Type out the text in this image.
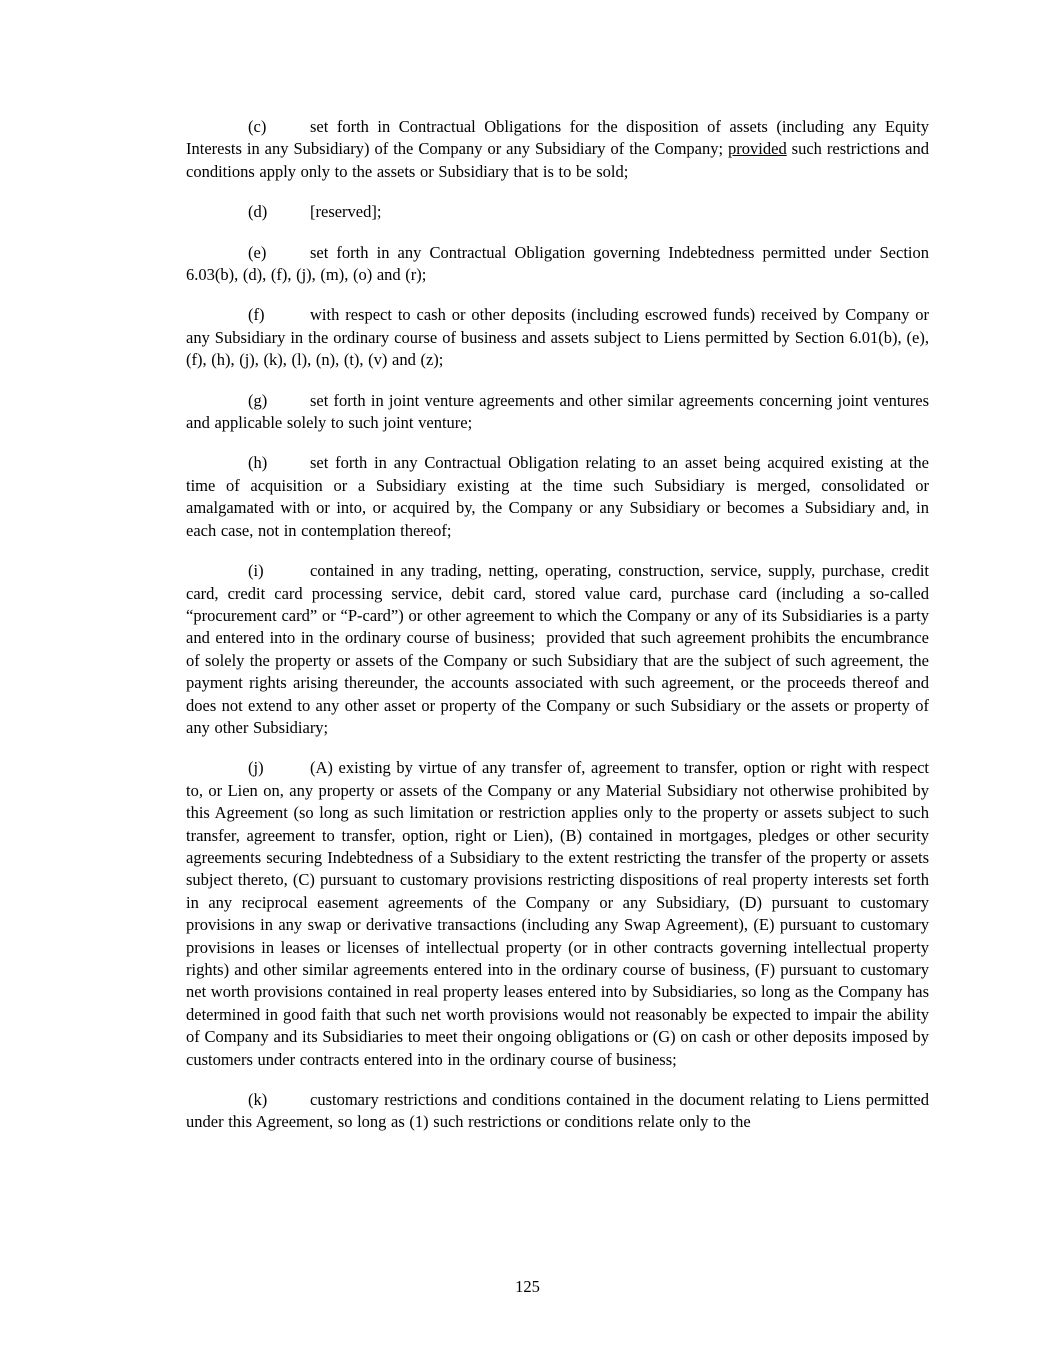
(c)	set forth in Contractual Obligations for the disposition of assets (including any Equity Interests in any Subsidiary) of the Company or any Subsidiary of the Company; provided such restrictions and conditions apply only to the assets or Subsidiary that is to be sold;

(d)	[reserved];

(e)	set forth in any Contractual Obligation governing Indebtedness permitted under Section 6.03(b), (d), (f), (j), (m), (o) and (r);

(f)	with respect to cash or other deposits (including escrowed funds) received by Company or any Subsidiary in the ordinary course of business and assets subject to Liens permitted by Section 6.01(b), (e), (f), (h), (j), (k), (l), (n), (t), (v) and (z);

(g)	set forth in joint venture agreements and other similar agreements concerning joint ventures and applicable solely to such joint venture;

(h)	set forth in any Contractual Obligation relating to an asset being acquired existing at the time of acquisition or a Subsidiary existing at the time such Subsidiary is merged, consolidated or amalgamated with or into, or acquired by, the Company or any Subsidiary or becomes a Subsidiary and, in each case, not in contemplation thereof;

(i)	contained in any trading, netting, operating, construction, service, supply, purchase, credit card, credit card processing service, debit card, stored value card, purchase card (including a so-called “procurement card” or “P-card”) or other agreement to which the Company or any of its Subsidiaries is a party and entered into in the ordinary course of business;  provided that such agreement prohibits the encumbrance of solely the property or assets of the Company or such Subsidiary that are the subject of such agreement, the payment rights arising thereunder, the accounts associated with such agreement, or the proceeds thereof and does not extend to any other asset or property of the Company or such Subsidiary or the assets or property of any other Subsidiary;

(j)	(A) existing by virtue of any transfer of, agreement to transfer, option or right with respect to, or Lien on, any property or assets of the Company or any Material Subsidiary not otherwise prohibited by this Agreement (so long as such limitation or restriction applies only to the property or assets subject to such transfer, agreement to transfer, option, right or Lien), (B) contained in mortgages, pledges or other security agreements securing Indebtedness of a Subsidiary to the extent restricting the transfer of the property or assets subject thereto, (C) pursuant to customary provisions restricting dispositions of real property interests set forth in any reciprocal easement agreements of the Company or any Subsidiary, (D) pursuant to customary provisions in any swap or derivative transactions (including any Swap Agreement), (E) pursuant to customary provisions in leases or licenses of intellectual property (or in other contracts governing intellectual property rights) and other similar agreements entered into in the ordinary course of business, (F) pursuant to customary net worth provisions contained in real property leases entered into by Subsidiaries, so long as the Company has determined in good faith that such net worth provisions would not reasonably be expected to impair the ability of Company and its Subsidiaries to meet their ongoing obligations or (G) on cash or other deposits imposed by customers under contracts entered into in the ordinary course of business;

(k)	customary restrictions and conditions contained in the document relating to Liens permitted under this Agreement, so long as (1) such restrictions or conditions relate only to the

125
